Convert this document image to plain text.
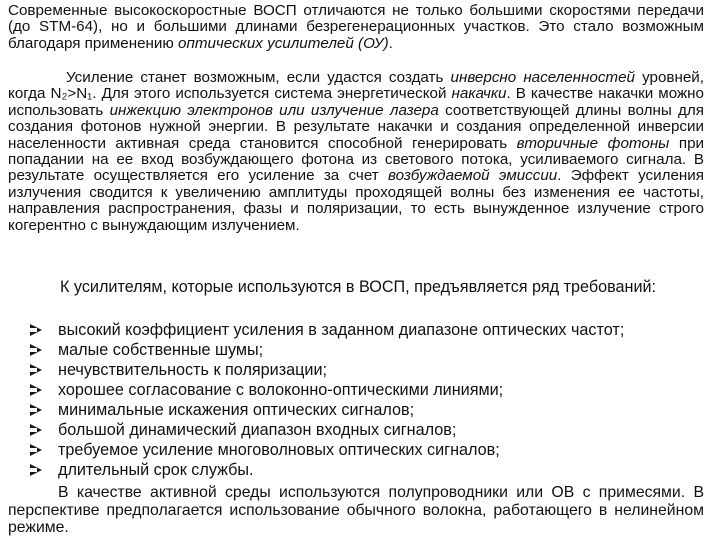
Современные высокоскоростные ВОСП отличаются не только большими скоростями передачи (до STM-64), но и большими длинами безрегенерационных участков. Это стало возможным благодаря применению оптических усилителей (ОУ).

Усиление станет возможным, если удастся создать инверсно населенностей уровней, когда N₂>N₁. Для этого используется система энергетической накачки. В качестве накачки можно использовать инжекцию электронов или излучение лазера соответствующей длины волны для создания фотонов нужной энергии. В результате накачки и создания определенной инверсии населенности активная среда становится способной генерировать вторичные фотоны при попадании на ее вход возбуждающего фотона из светового потока, усиливаемого сигнала. В результате осуществляется его усиление за счет возбуждаемой эмиссии. Эффект усиления излучения сводится к увеличению амплитуды проходящей волны без изменения ее частоты, направления распространения, фазы и поляризации, то есть вынужденное излучение строго когерентно с вынуждающим излучением.

К усилителям, которые используются в ВОСП, предъявляется ряд требований:

высокий коэффициент усиления в заданном диапазоне оптических частот;
малые собственные шумы;
нечувствительность к поляризации;
хорошее согласование с волоконно-оптическими линиями;
минимальные искажения оптических сигналов;
большой динамический диапазон входных сигналов;
требуемое усиление многоволновых оптических сигналов;
длительный срок службы.

В качестве активной среды используются полупроводники или ОВ с примесями. В перспективе предполагается использование обычного волокна, работающего в нелинейном режиме.
